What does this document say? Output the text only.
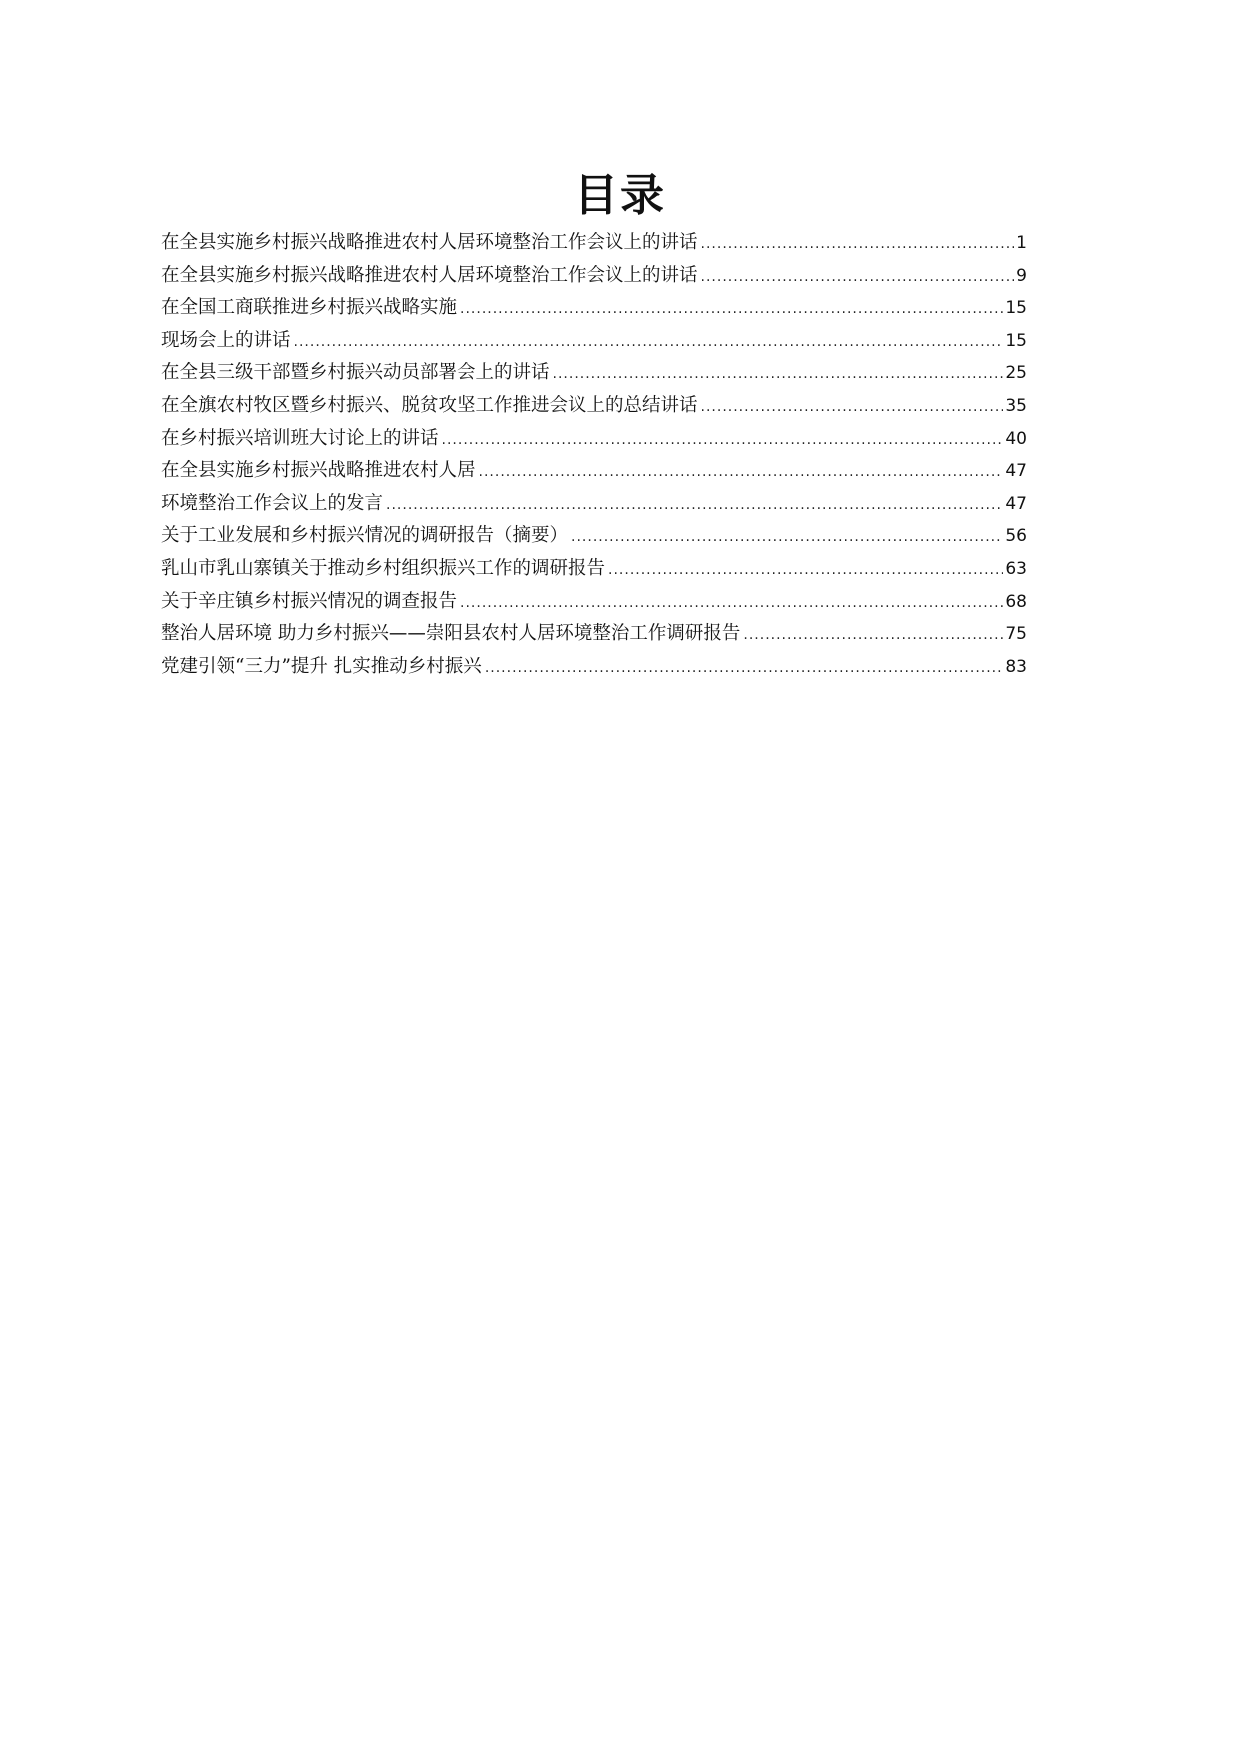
目录
在全县实施乡村振兴战略推进农村人居环境整治工作会议上的讲话 .....	1
在全县实施乡村振兴战略推进农村人居环境整治工作会议上的讲话 .....	9
在全国工商联推进乡村振兴战略实施 .....	15
现场会上的讲话 .....	15
在全县三级干部暨乡村振兴动员部署会上的讲话 .....	25
在全旗农村牧区暨乡村振兴、脱贫攻坚工作推进会议上的总结讲话 .....	35
在乡村振兴培训班大讨论上的讲话 .....	40
在全县实施乡村振兴战略推进农村人居 .....	47
环境整治工作会议上的发言 .....	47
关于工业发展和乡村振兴情况的调研报告（摘要） .....	56
乳山市乳山寨镇关于推动乡村组织振兴工作的调研报告 .....	63
关于辛庄镇乡村振兴情况的调查报告 .....	68
整治人居环境 助力乡村振兴——崇阳县农村人居环境整治工作调研报告 .....	75
党建引领“三力”提升 扎实推动乡村振兴 .....	83
